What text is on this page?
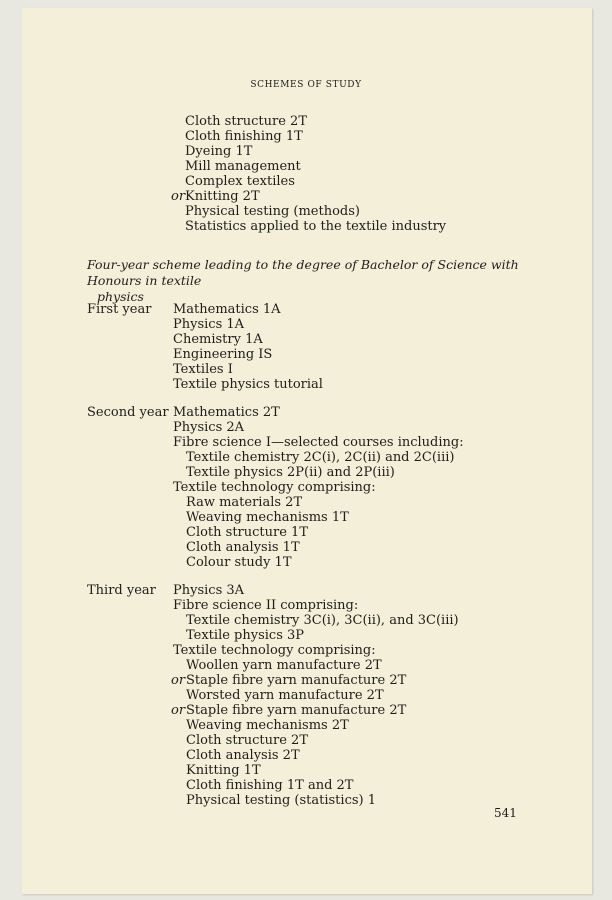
SCHEMES OF STUDY
Cloth structure 2T
Cloth finishing 1T
Dyeing 1T
Mill management
Complex textiles
or Knitting 2T
Physical testing (methods)
Statistics applied to the textile industry
Four-year scheme leading to the degree of Bachelor of Science with Honours in textile
physics
First year Mathematics 1A
Physics 1A
Chemistry 1A
Engineering IS
Textiles I
Textile physics tutorial
Second year Mathematics 2T
Physics 2A
Fibre science I—selected courses including:
Textile chemistry 2C(i), 2C(ii) and 2C(iii)
Textile physics 2P(ii) and 2P(iii)
Textile technology comprising:
Raw materials 2T
Weaving mechanisms 1T
Cloth structure 1T
Cloth analysis 1T
Colour study 1T
Third year Physics 3A
Fibre science II comprising:
Textile chemistry 3C(i), 3C(ii), and 3C(iii)
Textile physics 3P
Textile technology comprising:
Woollen yarn manufacture 2T
or Staple fibre yarn manufacture 2T
Worsted yarn manufacture 2T
or Staple fibre yarn manufacture 2T
Weaving mechanisms 2T
Cloth structure 2T
Cloth analysis 2T
Knitting 1T
Cloth finishing 1T and 2T
Physical testing (statistics) 1
541
